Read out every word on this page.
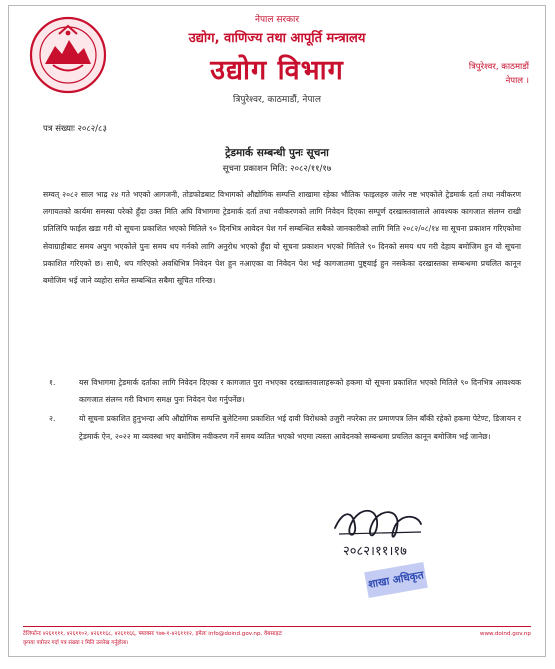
नेपाल सरकार
उद्योग, वाणिज्य तथा आपूर्ति मन्त्रालय
उद्योग विभाग
त्रिपुरेश्वर, काठमाडौं, नेपाल
त्रिपुरेश्वर, काठमाडौं
नेपाल ।
पत्र संख्याः २०८२/८३
ट्रेडमार्क सम्बन्धी पुनः सूचना
सूचना प्रकाशन मिति: २०८२/११/१७
सम्वत् २०८२ साल भाद्र २४ गते भएको आगजनी, तोडफोडबाट विभागको औद्योगिक सम्पत्ति शाखामा रहेका भौतिक फाइलहरु जलेर नष्ट भएकोले ट्रेडमार्क दर्ता तथा नवीकरण लगायतको कार्यमा समस्या परेको हुँदा उक्त मिति अघि विभागमा ट्रेडमार्क दर्ता तथा नवीकरणको लागि निवेदन दिएका सम्पूर्ण दरखास्तवालाले आवश्यक कागजात संलग्न राखी प्रतिलिपि फाईल खडा गरी यो सूचना प्रकाशित भएको मितिले ९० दिनभित्र आवेदन पेश गर्न सम्बन्धित सबैको जानकारीको लागि मिति २०८२/०८/१४ मा सूचना प्रकाशन गरिएकोमा सेवाग्राहीबाट समय अपुग भएकोले पुनः समय थप गर्नको लागि अनुरोध भएको हुँदा यो सूचना प्रकाशन भएको मितिले ९० दिनको समय थप गरी देहाय बमोजिम हुन यो सूचना प्रकाशित गरिएको छ। साथै, थप गरिएको अवधिभित्र निवेदन पेश हुन नआएका वा निवेदन पेश भई कागजातमा पुष्ट्याई हुन नसकेका दरखास्तका सम्बन्धमा प्रचलित कानून बमोजिम भई जाने व्यहोरा समेत सम्बन्धित सबैमा सूचित गरिन्छ।
१.	यस विभागमा ट्रेडमार्क दर्ताका लागि निवेदन दिएका र कागजात पुरा नभएका दरखास्तवालाहरूको हकमा यो सूचना प्रकाशित भएको मितिले ९० दिनभित्र आवश्यक कागजात संलग्न गरी विभाग समक्ष पुनः निवेदन पेश गर्नुपर्नेछ।
२.	यो सूचना प्रकाशित हुनुभन्दा अघि औद्योगिक सम्पत्ति बुलेटिनमा प्रकाशित भई दावी विरोधको उजुरी नपरेका तर प्रमाणपत्र लिन बाँकी रहेको हकमा पेटेण्ट, डिजायन र ट्रेडमार्क ऐन, २०२२ मा व्यवस्था भए बमोजिम नवीकरण गर्ने समय व्यतित भएको भएमा त्यस्ता आवेदनको सम्बन्धमा प्रचलित कानून बमोजिम भई जानेछ।
२०८२।११।१७
शाखा अधिकृत
टेलिफोनः ४२६११११, ४२६११०२, ४२६११६८, ४२६११६६, फ्याक्सः ९७७-१-४२६१११२, इमेलः info@doind.gov.np, वेबसाइटः	www.doind.gov.np
कृपया पत्रोत्तर गर्दा पत्र संख्या र मिति उल्लेख गर्नुहोला।
